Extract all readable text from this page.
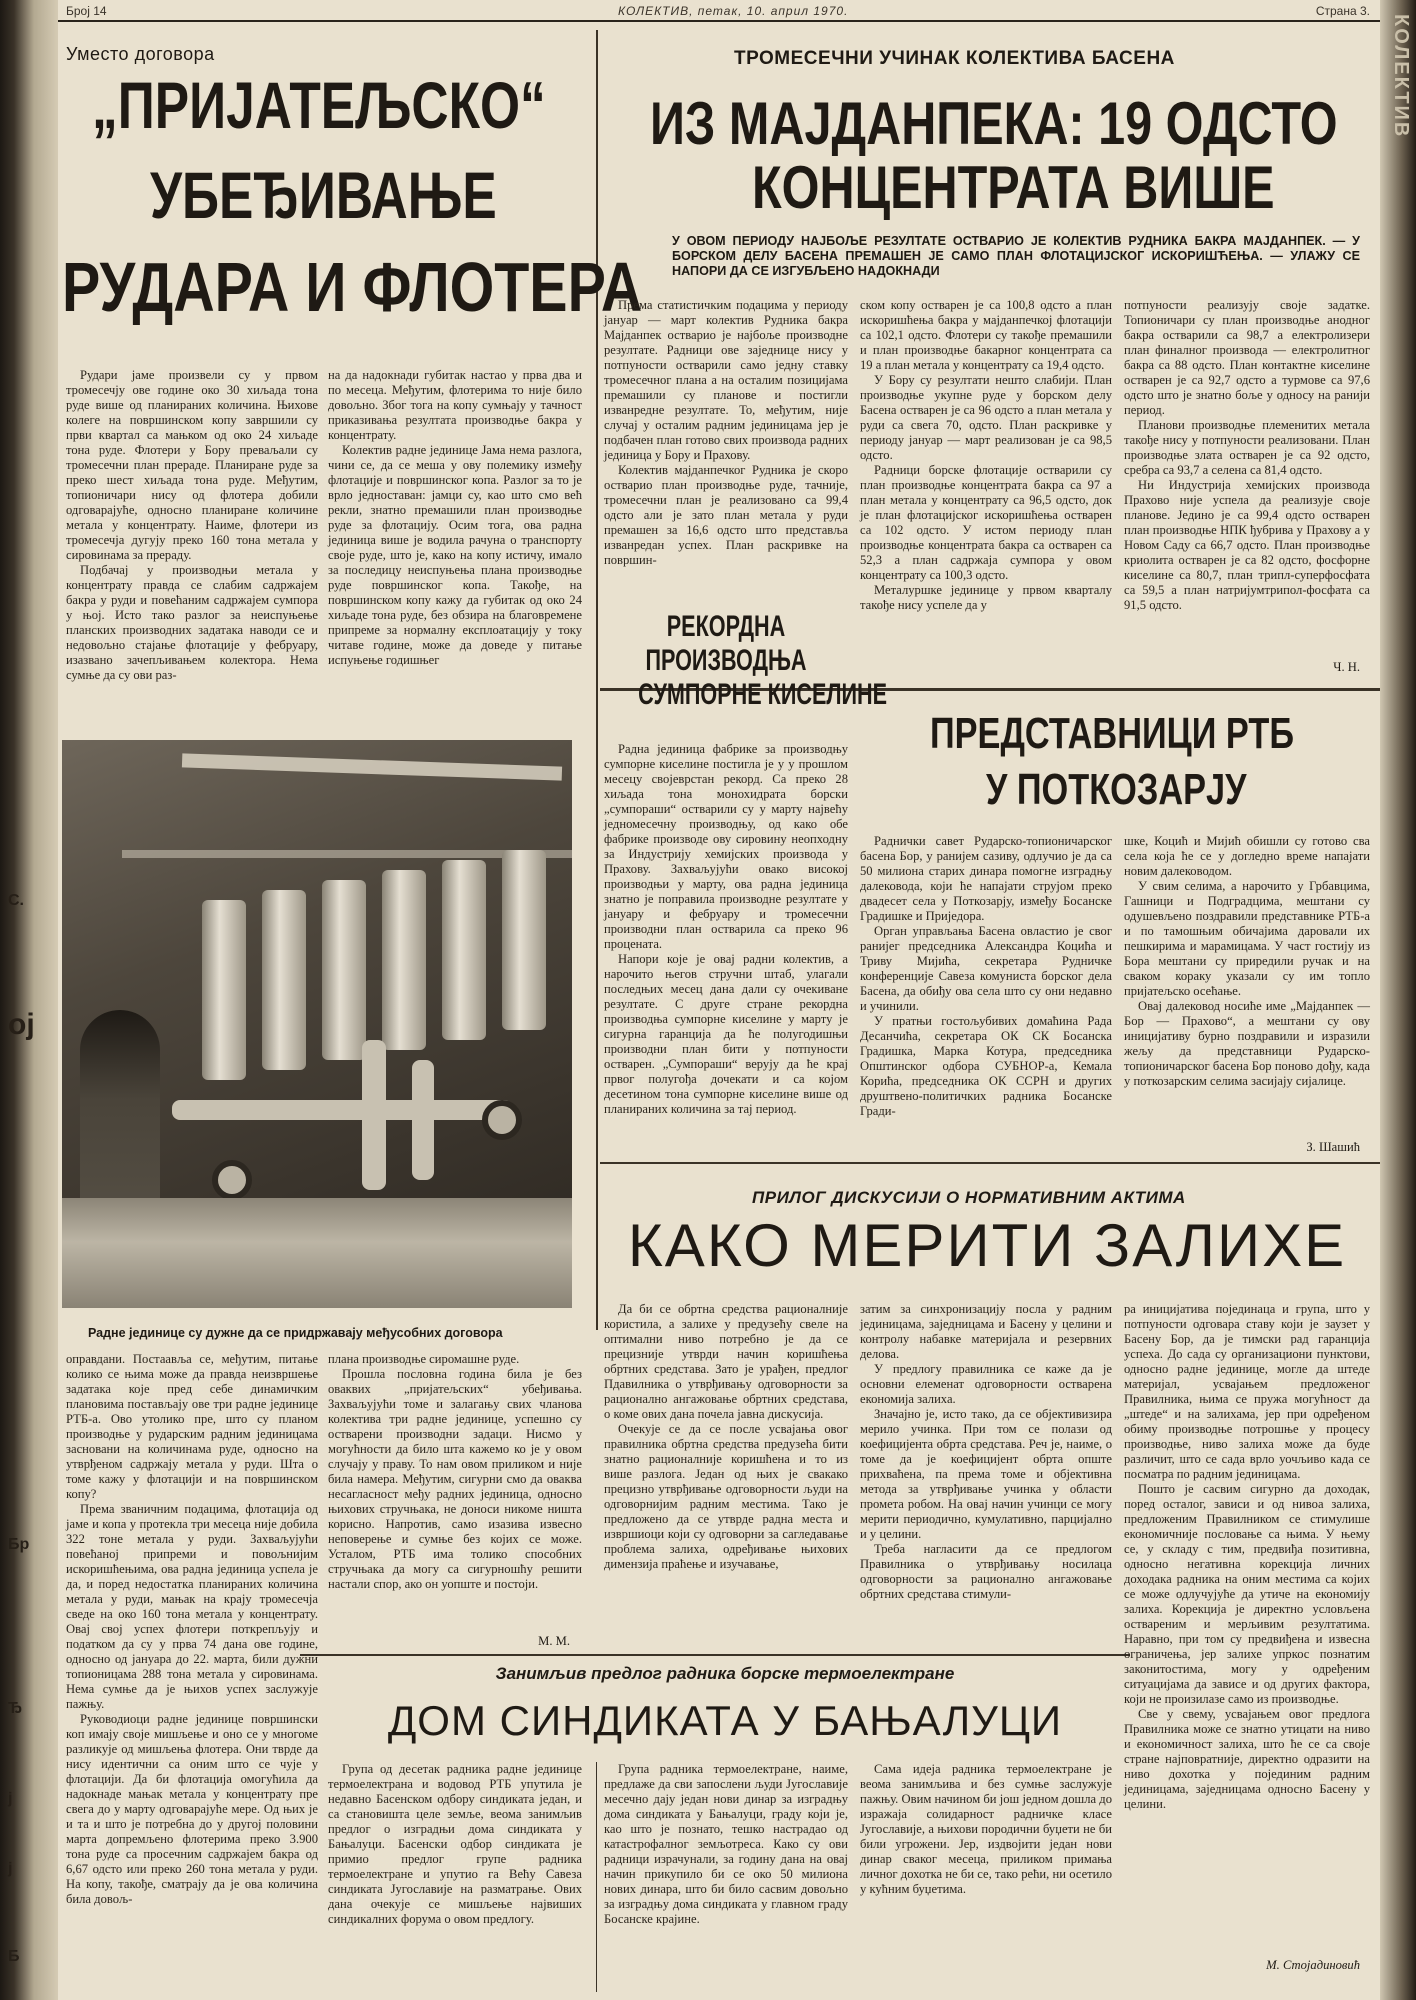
С.
ој
Бр
Ђ
ј
ј
Б
КОЛЕКТИВ
Број 14	КОЛЕКТИВ, петак, 10. април 1970.	Страна 3.
Уместо договора
„ПРИЈАТЕЉСКО“
УБЕЂИВАЊЕ
РУДАРА И ФЛОТЕРА

Рудари јаме произвели су у првом тромесечју ове године око 30 хиљада тона руде више од планираних количина. Њихове колеге на површинском копу завршили су први квартал са мањком од око 24 хиљаде тона руде. Флотери у Бору преваљали су тромесечни план прераде. Планиране руде за преко шест хиљада тона руде. Међутим, топионичари нису од флотера добили одговарајуће, односно планиране количине метала у концентрату. Наиме, флотери из тромесечја дугују преко 160 тона метала у сировинама за прераду.

Подбачај у производњи метала у концентрату правда се слабим садржајем бакра у руди и повећаним садржајем сумпора у њој. Исто тако разлог за неиспуњење планских производних задатака наводи се и недовољно стајање флотације у фебруару, изазвано зачепљивањем колектора. Нема сумње да су ови раз-

на да надокнади губитак настао у првa два и по месеца. Међутим, флотерима то није било довољно. Због тога на копу сумњају у тачност приказивања резултата производње бакра у концентрату.

Колектив радне јединице Јама нема разлога, чини се, да се меша у ову полемику између флотације и површинског копа. Разлог за то је врло једноставан: јамци су, као што смо већ рекли, знатно премашили план производње руде за флотацију. Осим тога, ова радна јединица више је водила рачуна о транспорту своје руде, што је, како на копу истичу, имало за последицу неиспуњења плана производње руде површинског копа. Такође, на површинском копу кажу да губитак од око 24 хиљаде тона руде, без обзира на благовремене припреме за нормалну експлоатацију у току читаве године, може да доведе у питање испуњење годишњег

Радне јединице су дужне да се придржавају међусобних договора

оправдани. Постаавља се, међутим, питање колико се њима може да правда неизвршење задатака које пред себе динамичким плановима постављају ове три радне јединице РТБ-а. Ово утолико пре, што су планом производње у рударским радним јединицама засновани на количинама руде, односно на утврђеном садржају метала у руди. Шта о томе кажу у флотацији и на површинском копу?

Према званичним подацима, флотација од јаме и копа у протекла три месеца није добила 322 тоне метала у руди. Захваљујући повећаној припреми и повољнијим искоришћењима, ова радна јединица успела је да, и поред недостатка планираних количина метала у руди, мањак на крају тромесечја сведе на око 160 тона метала у концентрату. Овај свој успех флотери поткрепљују и податком да су у прва 74 дана ове године, односно од јануара до 22. марта, били дужни топионицама 288 тона метала у сировинама. Нема сумње да је њихов успех заслужује пажњу.

Руководиоци радне јединице површински коп имају своје мишљење и оно се у многоме разликује од мишљења флотера. Они тврде да нису идентични са оним што се чује у флотацији. Да би флотација омогућила да надокнаде мањак метала у концентрату пре свега до у марту одговарајуће мере. Од њих је и та и што је потребна до у другој половини марта допремљено флотерима преко 3.900 тона руде са просечним садржајем бакра од 6,67 одсто или преко 260 тона метала у руди. На копу, такође, сматрају да је ова количина била довољ-

плана производње сиромашне руде.

Прошла пословна година била је без оваквих „пријатељских“ убеђивања. Захваљујући томе и залагању свих чланова колектива три радне јединице, успешно су остварени производни задаци. Нисмо у могућности да било шта кажемо ко је у овом случају у праву. То нам овом приликом и није била намера. Међутим, сигурни смо да оваква несагласност међу радних јединица, односно њихових стручњака, не доноси никоме ништа корисно. Напротив, само изазива извесно неповерење и сумње без којих се може. Усталом, РТБ има толико способних стручњака да могу са сигурношћу решити настали спор, ако он уопште и постоји.

М. М.
ТРОМЕСЕЧНИ УЧИНАК КОЛЕКТИВА БАСЕНА
ИЗ МАЈДАНПЕКА: 19 ОДСТО
КОНЦЕНТРАТА ВИШЕ
У ОВОМ ПЕРИОДУ НАЈБОЉЕ РЕЗУЛТАТЕ ОСТВАРИО ЈЕ КОЛЕКТИВ РУДНИКА БАКРА МАЈДАНПЕК. — У БОРСКОМ ДЕЛУ БАСЕНА ПРЕМАШЕН ЈЕ САМО ПЛАН ФЛОТАЦИЈСКОГ ИСКОРИШЋЕЊА. — УЛАЖУ СЕ НАПОРИ ДА СЕ ИЗГУБЉЕНО НАДОКНАДИ

Према статистичким подацима у периоду јануар — март колектив Рудника бакра Мајданпек остварио је најбоље производне резултате. Радници ове заједнице нису у потпуности остварили само једну ставку тромесечног плана а на осталим позицијама премашили су планове и постигли изванредне резултате. То, међутим, није случај у осталим радним јединицама јер је подбачен план готово свих производа радних јединица у Бору и Прахову.

Колектив мајданпечког Рудника је скоро остварио план производње руде, тачније, тромесечни план је реализовано са 99,4 одсто али је зато план метала у руди премашен за 16,6 одсто што представља изванредан успех. План раскривке на површин-

ском копу остварен је са 100,8 одсто а план искоришћења бакра у мајданпечкој флотацији са 102,1 одсто. Флотери су такође премашили и план производње бакарног концентрата са 19 а план метала у концентрату са 19,4 одсто.

У Бору су резултати нешто слабији. План производње укупне руде у борском делу Басена остварен је са 96 одсто а план метала у руди са свега 70, одсто. План раскривке у периоду јануар — март реализован је са 98,5 одсто.

Радници борске флотације остварили су план производње концентрата бакра са 97 а план метала у концентрату са 96,5 одсто, док је план флотацијског искоришћења остварен са 102 одсто. У истом периоду план производње концентрата бакра са остварен са 52,3 а план садржаја сумпора у овом концентрату са 100,3 одсто.

Металуршке јединице у првом кварталу такође нису успеле да у

потпуности реализују своје задатке. Топионичари су план производње анодног бакра остварили са 98,7 а електролизери план финалног производа — електролитног бакра са 88 одсто. План контактне киселине остварен је са 92,7 одсто а турмове са 97,6 одсто што је знатно боље у односу на ранији период.

Планови производње племенитих метала такође нису у потпуности реализовани. План производње злата остварен је са 92 одсто, сребра са 93,7 а селена са 81,4 одсто.

Ни Индустрија хемијских производа Прахово није успела да реализује своје планове. Једино је са 99,4 одсто остварен план производње НПК ђубрива у Прахову а у Новом Саду са 66,7 одсто. План производње криолита остварен је са 82 одсто, фосфорне киселине са 80,7, план трипл-суперфосфата са 59,5 а план натријумтрипол-фосфата са 91,5 одсто.

Ч. Н.
РЕКОРДНА
ПРОИЗВОДЊА
СУМПОРНЕ КИСЕЛИНЕ

Радна јединица фабрике за производњу сумпорне киселине постигла је у у прошлом месецу својеврстан рекорд. Са преко 28 хиљада тона монохидрата борски „сумпораши“ остварили су у марту највећу једномесечну производњу, од како обе фабрике производе ову сировину неопходну за Индустрију хемијских производа у Прахову. Захваљујући овако високој производњи у марту, ова радна јединица знатно је поправила производне резултате у јануару и фебруару и тромесечни производни план остварила са преко 96 процената.

Напори које је овај радни колектив, а нарочито његов стручни штаб, улагали последњих месец дана дали су очекиване резултате. С друге стране рекордна производња сумпорне киселине у марту је сигурна гаранција да ће полугодишњи производни план бити у потпуности остварен. „Сумпораши“ верују да ће крај првог полугођа дочекати и са којом десетином тона сумпорне киселине више од планираних количина за тај период.

ПРЕДСТАВНИЦИ РТБ
У ПОТКОЗАРЈУ

Раднички савет Рударско-топионичарског басена Бор, у ранијем сазиву, одлучио је да са 50 милиона старих динара помогне изградњу далековода, који ће напајати струјом преко двадесет села у Поткозарју, између Босанске Градишке и Приједора.

Орган управљања Басена овластио је свог ранијег председника Александра Коцића и Триву Мијића, секретара Рудничке конференције Савеза комуниста борског дела Басена, да обиђу ова села што су они недавно и учинили.

У пратњи гостољубивих домаћина Рада Десанчића, секретара ОК СК Босанска Градишка, Марка Котура, председника Општинског одбора СУБНОР-а, Кемала Корића, председника ОК ССРН и других друштвено-политичких радника Босанске Гради-

шке, Коцић и Мијић обишли су готово сва села која ће се у догледно време напајати новим далеководом.

У свим селима, а нарочито у Грбавцима, Гашници и Подградцима, мештани су одушевљено поздравили представнике РТБ-а и по тамошњим обичајима даровали их пешкирима и марамицама. У част гостију из Бора мештани су приредили ручак и на сваком кораку указали су им топло пријатељско осећање.

Овај далековод носиће име „Мајданпек — Бор — Прахово“, а мештани су ову иницијативу бурно поздравили и изразили жељу да представници Рударско-топионичарског басена Бор поново дођу, када у поткозарским селима засијају сијалице.

З. Шашић
ПРИЛОГ ДИСКУСИЈИ О НОРМАТИВНИМ АКТИМА
КАКО МЕРИТИ ЗАЛИХЕ

Да би се обртна средства рационалније користила, а залихе у предузећу свеле на оптимални ниво потребно је да се прецизније утврди начин коришћења обртних средстава. Зато је урађен, предлог Пдавилника о утврђивању одговорности за рационално ангажовање обртних средстава, о коме ових дана почела јавна дискусија.

Очекује се да се после усвајања овог правилника обртна средства предузећа бити знатно рационалније коришћена и то из више разлога. Један од њих је свакако прецизно утврђивање одговорности људи на одговорнијим радним местима. Тако је предложено да се утврде радна места и извршиоци који су одговорни за сагледавање проблема залиха, одређивање њихових димензија праћење и изучавање,

затим за синхронизацију посла у радним јединицама, заједницама и Басену у целини и контролу набавке материјала и резервних делова.

У предлогу правилника се каже да је основни елеменат одговорности остварена економија залиха.

Значајно је, исто тако, да се објективизира мерило учинка. При том се полази од коефицијента обрта средстава. Реч је, наиме, о томе да је коефицијент обрта опште прихваћена, па према томе и објективна метода за утврђивање учинка у области промета робом. На овај начин учинци се могу мерити периодично, кумулативно, парцијално и у целини.

Треба нагласити да се предлогом Правилника о утврђивању носилаца одговорности за рационално ангажовање обртних средстава стимули-

ра иницијатива појединаца и група, што у потпуности одговара ставу који је заузет у Басену Бор, да је тимски рад гаранција успеха. До сада су организациони пунктови, односно радне јединице, могле да штеде материјал, усвајањем предложеног Правилника, њима се пружа могућност да „штеде“ и на залихама, јер при одређеном обиму производње потрошње у процесу производње, ниво залиха може да буде различит, што се сада врло уочљиво када се посматра по радним јединицама.

Поштo је сасвим сигурно да доходак, поред осталог, зависи и од нивоа залиха, предложеним Правилником се стимулише економичније пословање са њима. У њему се, у складу с тим, предвиђа позитивна, односно негативна корекција личних доходака радника на оним местима са којих се може одлучујуће да утиче на економију залиха. Корекција је директно условљена оствареним и мерљивим резултатима. Наравно, при том су предвиђена и извесна ограничења, јер залихе упркос познатим законитостима, могу у одређеним ситуацијама да зависе и од других фактора, који не произилазе само из производње.

Све у свему, усвајањем овог предлога Правилника може се знатно утицати на ниво и економичност залиха, што ће се са своје стране најповратније, директно одразити на ниво дохотка у појединим радним јединицама, заједницама односно Басену у целини.

М. Стојадиновић
Занимљив предлог радника борске термоелектране
ДОМ СИНДИКАТА У БАЊАЛУЦИ

Група од десетак радника радне јединице термоелектрана и водовод РТБ упутила је недавно Басенском одбору синдиката један, и са становишта целе земље, веома занимљив предлог о изградњи дома синдиката у Бањалуци. Басенски одбор синдиката је примио предлог групе радника термоелектране и упутио га Већу Савеза синдиката Југославије на разматрање. Ових дана очекује се мишљење највиших синдикалних форума о овом предлогу.

Група радника термоелектране, наиме, предлаже да сви запослени људи Југославије месечно дају један нови динар за изградњу дома синдиката у Бањалуци, граду који је, као што је познато, тешко настрадао од катастрофалног земљотреса. Како су ови радници израчунали, за годину дана на овај начин прикупило би се око 50 милиона нових динара, што би било сасвим довољно за изградњу дома синдиката у главном граду Босанске крајине.

Сама идеја радника термоелектране је веома занимљива и без сумње заслужује пажњу. Овим начином би још једном дошла до изражаја солидарност радничке класе Југославије, а њихови породични буџети не би били угрожени. Јер, издвојити један нови динар сваког месеца, приликом примања личног дохотка не би се, тако рећи, ни осетило у кућним буџетима.
